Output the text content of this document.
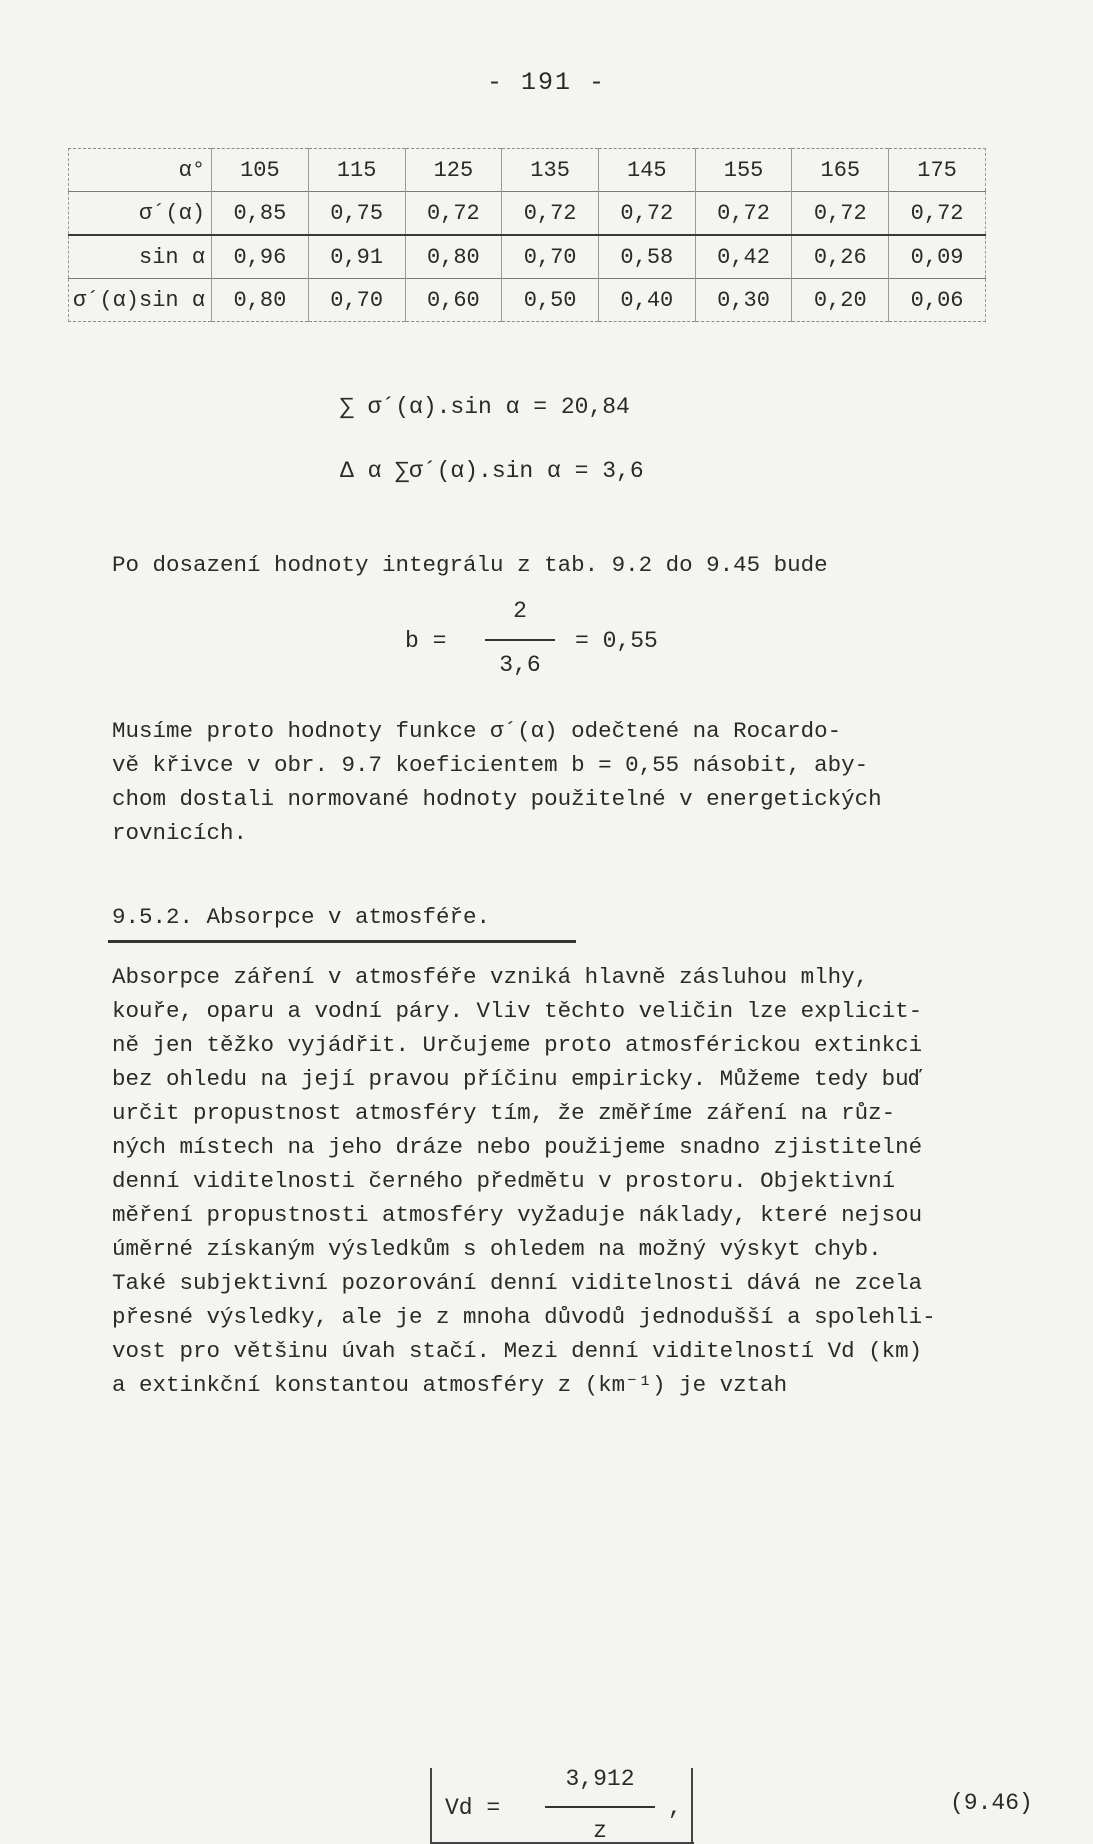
- 191 -
α°	105	115	125	135	145	155	165	175
σ´(α)	0,85	0,75	0,72	0,72	0,72	0,72	0,72	0,72
sin α	0,96	0,91	0,80	0,70	0,58	0,42	0,26	0,09
σ´(α)sin α	0,80	0,70	0,60	0,50	0,40	0,30	0,20	0,06
∑ σ´(α).sin α = 20,84
Δ α ∑σ´(α).sin α = 3,6
Po dosazení hodnoty integrálu z tab. 9.2 do 9.45 bude
b =
2
3,6
= 0,55
Musíme proto hodnoty funkce σ´(α) odečtené na Rocardo-
vě křivce v obr. 9.7 koeficientem b = 0,55 násobit, aby-
chom dostali normované hodnoty použitelné v energetických
rovnicích.
9.5.2. Absorpce v atmosféře.
Absorpce záření v atmosféře vzniká hlavně zásluhou mlhy,
kouře, oparu a vodní páry. Vliv těchto veličin lze explicit-
ně jen těžko vyjádřit. Určujeme proto atmosférickou extinkci
bez ohledu na její pravou příčinu empiricky. Můžeme tedy buď
určit propustnost atmosféry tím, že změříme záření na růz-
ných místech na jeho dráze nebo použijeme snadno zjistitelné
denní viditelnosti černého předmětu v prostoru. Objektivní
měření propustnosti atmosféry vyžaduje náklady, které nejsou
úměrné získaným výsledkům s ohledem na možný výskyt chyb.
Také subjektivní pozorování denní viditelnosti dává ne zcela
přesné výsledky, ale je z mnoha důvodů jednodušší a spolehli-
vost pro většinu úvah stačí. Mezi denní viditelností Vd (km)
a extinkční konstantou atmosféry z (km⁻¹) je vztah
Vd =
3,912
z
,	(9.46)
